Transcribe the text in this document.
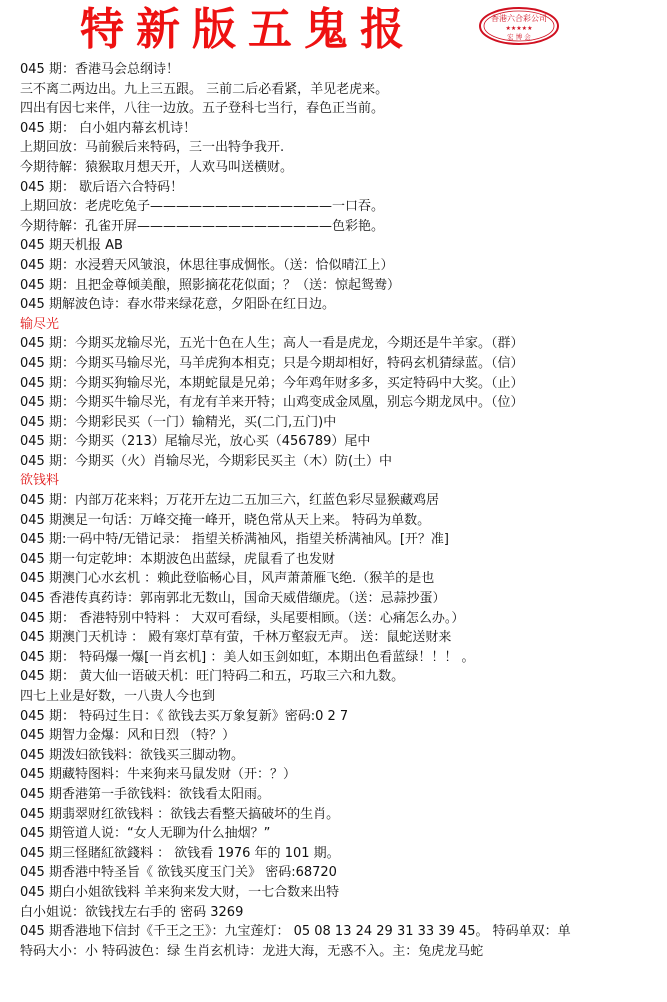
特新版五鬼报	香港六合彩公司
★★★★★
宏 博 会
045 期：香港马会总纲诗！
三不离二两边出。九上三五跟。 三前二后必看紧，羊见老虎来。
四出有因七来伴，八往一边放。五子登科七当行，春色正当前。
045 期： 白小姐内幕玄机诗！
上期回放：马前猴后来特码，三一出特争我开.
今期待解：猿猴取月想天开，人欢马叫送横财。
045 期： 歇后语六合特码！
上期回放：老虎吃兔子——————————————一口吞。
今期待解：孔雀开屏———————————————色彩艳。
045 期天机报 AB
045 期：水浸碧天风皱浪，休思往事成惆怅。（送：恰似晴江上）
045 期：且把金尊倾美酿，照影摘花花似面；？（送：惊起鸳鸯）
045 期解波色诗：春水带来绿花意，夕阳卧在红日边。
输尽光
045 期：今期买龙输尽光，五光十色在人生；高人一看是虎龙，今期还是牛羊家。（群）
045 期：今期买马输尽光，马羊虎狗本相克；只是今期却相好，特码玄机猜绿蓝。（信）
045 期：今期买狗输尽光，本期蛇鼠是兄弟；今年鸡年财多多，买定特码中大奖。（止）
045 期：今期买牛输尽光，有龙有羊来开特；山鸡变成金凤凰，别忘今期龙凤中。（位）
045 期：今期彩民买（一门）输精光，买(二门,五门)中
045 期：今期买（213）尾输尽光，放心买（456789）尾中
045 期：今期买（火）肖输尽光，今期彩民买主（木）防(土）中
欲钱料
045 期：内部万花来料；万花开左边二五加三六，红蓝色彩尽显猴藏鸡居
045 期澳足一句话：万峰交掩一峰开，晓色常从天上来。 特码为单数。
045 期:一码中特/无错记录： 指望关桥满袖风，指望关桥满袖风。[开？准]
045 期一句定乾坤：本期波色出蓝绿，虎鼠看了也发财
045 期澳门心水玄机 ：赖此登临畅心目，风声萧萧雁飞绝.（猴羊的是也
045 香港传真药诗：郭南郭北无数山，国命天威借缬虎。（送：忌蒜抄蛋）
045 期： 香港特别中特料 ： 大双可看绿，头尾要相顾。（送：心痛怎么办。）
045 期澳门天机诗 ： 殿有寒灯草有萤，千林万壑寂无声。 送：鼠蛇送财来
045 期： 特码爆一爆[一肖玄机] ：美人如玉剑如虹，本期出色看蓝绿！！！ 。
045 期： 黄大仙一语破天机：旺门特码二和五，巧取三六和九数。
四七上业是好数，一八贵人今也到
045 期： 特码过生日：《 欲钱去买万象复新》密码:0 2 7
045 期智力金爆：风和日烈 （特？）
045 期泼妇欲钱料：欲钱买三脚动物。
045 期藏特图料：牛来狗来马鼠发财（开：？）
045 期香港第一手欲钱料：欲钱看太阳雨。
045 期翡翠财红欲钱料 ：欲钱去看整天搞破坏的生肖。
045 期管道人说：“女人无聊为什么抽烟？”
045 期三怪賭紅欲錢料 ： 欲钱看 1976 年的 101 期。
045 期香港中特圣旨《 欲钱买度玉门关》 密码:68720
045 期白小姐欲钱料 羊来狗来发大财，一七合数来出特
白小姐说：欲钱找左右手的 密码 3269
045 期香港地下信封《千王之王》：九宝莲灯： 05 08 13 24 29 31 33 39 45。 特码单双：单
特码大小：小 特码波色：绿 生肖玄机诗：龙进大海，无惑不入。主：兔虎龙马蛇
